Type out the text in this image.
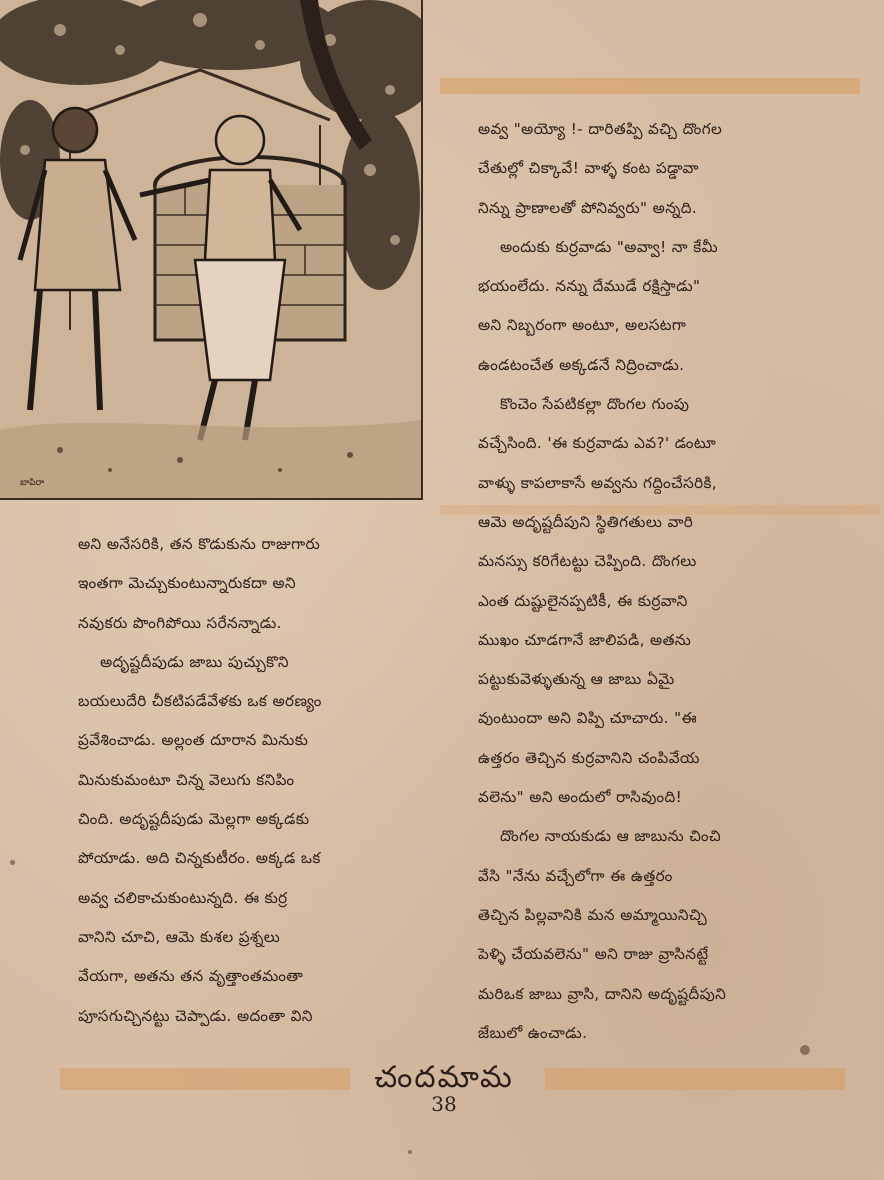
బాపిరా

అవ్వ "అయ్యో !- దారితప్పి వచ్చి దొంగల
చేతుల్లో చిక్కావే! వాళ్ళ కంట పడ్డావా
నిన్ను ప్రాణాలతో పోనివ్వరు" అన్నది.

అందుకు కుర్రవాడు "అవ్వా! నా కేమీ
భయంలేదు. నన్ను దేముడే రక్షిస్తాడు"
అని నిబ్బరంగా అంటూ, అలసటగా
ఉండటంచేత అక్కడనే నిద్రించాడు.

కొంచెం సేపటికల్లా దొంగల గుంపు
వచ్చేసింది. 'ఈ కుర్రవాడు ఎవ?' డంటూ
వాళ్ళు కాపలాకాసే అవ్వను గద్దించేసరికి,
ఆమె అదృష్టదీపుని స్థితిగతులు వారి
మనస్సు కరిగేటట్టు చెప్పింది. దొంగలు
ఎంత దుష్టులైనప్పటికీ, ఈ కుర్రవాని
ముఖం చూడగానే జాలిపడి, అతను
పట్టుకువెళ్ళుతున్న ఆ జాబు ఏమై
వుంటుందా అని విప్పి చూచారు. "ఈ
ఉత్తరం తెచ్చిన కుర్రవానిని చంపివేయ
వలెను" అని అందులో రాసివుంది!

దొంగల నాయకుడు ఆ జాబును చించి
వేసి "నేను వచ్చేలోగా ఈ ఉత్తరం
తెచ్చిన పిల్లవానికి మన అమ్మాయినిచ్చి
పెళ్ళి చేయవలెను" అని రాజు వ్రాసినట్టే
మరిఒక జాబు వ్రాసి, దానిని అదృష్టదీపుని
జేబులో ఉంచాడు.

అని అనేసరికి, తన కొడుకును రాజుగారు
ఇంతగా మెచ్చుకుంటున్నారుకదా అని
నవుకరు పొంగిపోయి సరేనన్నాడు.

అదృష్టదీపుడు జాబు పుచ్చుకొని
బయలుదేరి చీకటిపడేవేళకు ఒక అరణ్యం
ప్రవేశించాడు. అల్లంత దూరాన మినుకు
మినుకుమంటూ చిన్న వెలుగు కనిపిం
చింది. అదృష్టదీపుడు మెల్లగా అక్కడకు
పోయాడు. అది చిన్నకుటీరం. అక్కడ ఒక
అవ్వ చలికాచుకుంటున్నది. ఈ కుర్ర
వానిని చూచి, ఆమె కుశల ప్రశ్నలు
వేయగా, అతను తన వృత్తాంతమంతా
పూసగుచ్చినట్టు చెప్పాడు. అదంతా విని

చందమామ
38
